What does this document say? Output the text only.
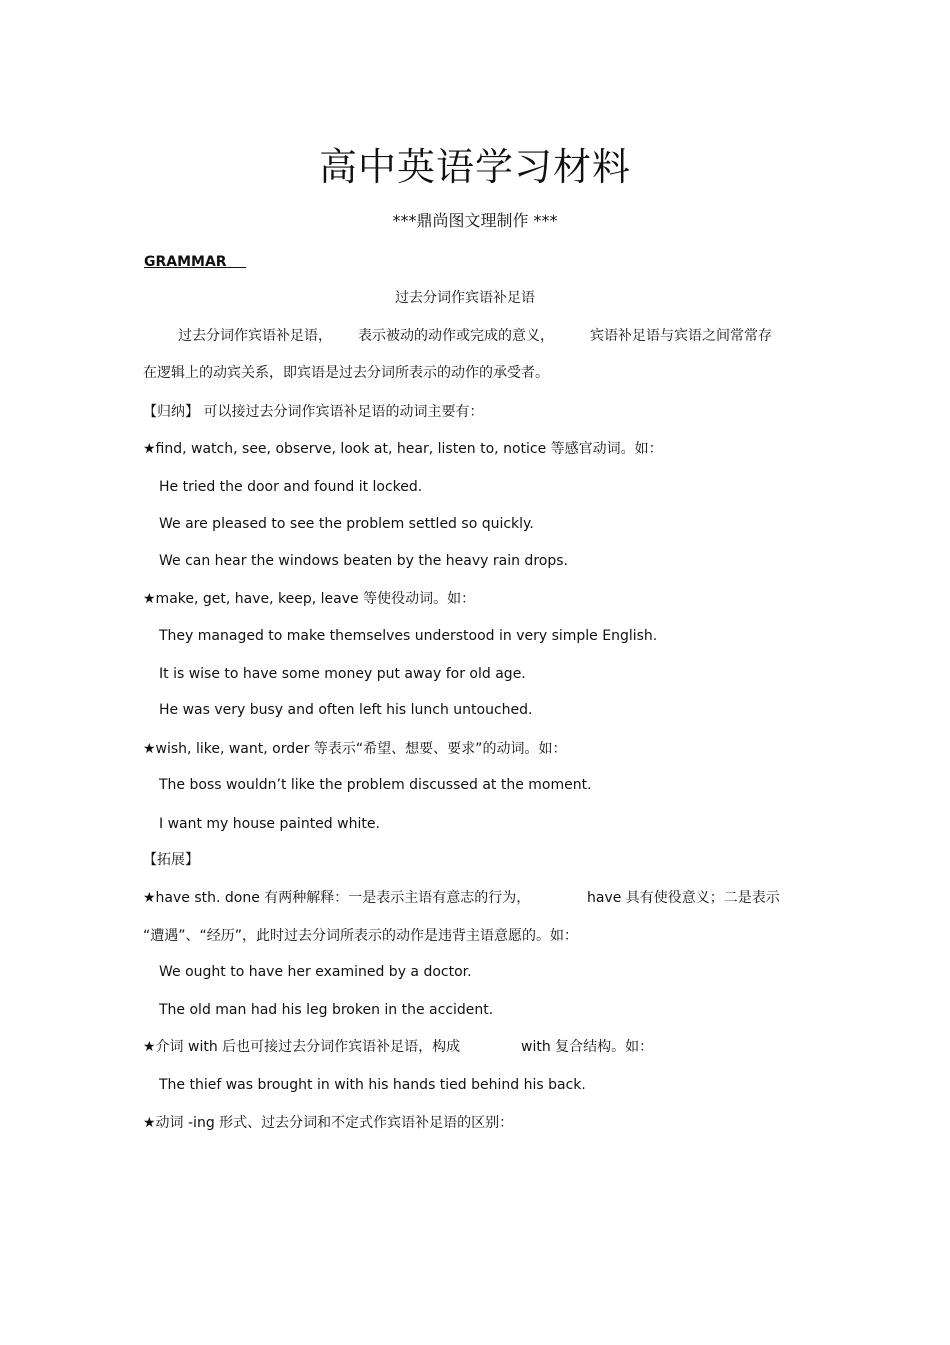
高中英语学习材料
***鼎尚图文理制作 ***
GRAMMAR
过去分词作宾语补足语
过去分词作宾语补足语， 表示被动的动作或完成的意义，	宾语补足语与宾语之间常常存
在逻辑上的动宾关系，即宾语是过去分词所表示的动作的承受者。
【归纳】 可以接过去分词作宾语补足语的动词主要有：
★find, watch, see, observe, look at, hear, listen to, notice 等感官动词。如：
He tried the door and found it locked.
We are pleased to see the problem settled so quickly.
We can hear the windows beaten by the heavy rain drops.
★make, get, have, keep, leave 等使役动词。如：
They managed to make themselves understood in very simple English.
It is wise to have some money put away for old age.
He was very busy and often left his lunch untouched.
★wish, like, want, order 等表示“希望、想要、要求”的动词。如：
The boss wouldn’t like the problem discussed at the moment.
I want my house painted white.
【拓展】
★have sth. done 有两种解释：一是表示主语有意志的行为，	have 具有使役意义；二是表示
“遭遇”、“经历”，此时过去分词所表示的动作是违背主语意愿的。如：
We ought to have her examined by a doctor.
The old man had his leg broken in the accident.
★介词 with 后也可接过去分词作宾语补足语，构成	with 复合结构。如：
The thief was brought in with his hands tied behind his back.
★动词 -ing 形式、过去分词和不定式作宾语补足语的区别：
